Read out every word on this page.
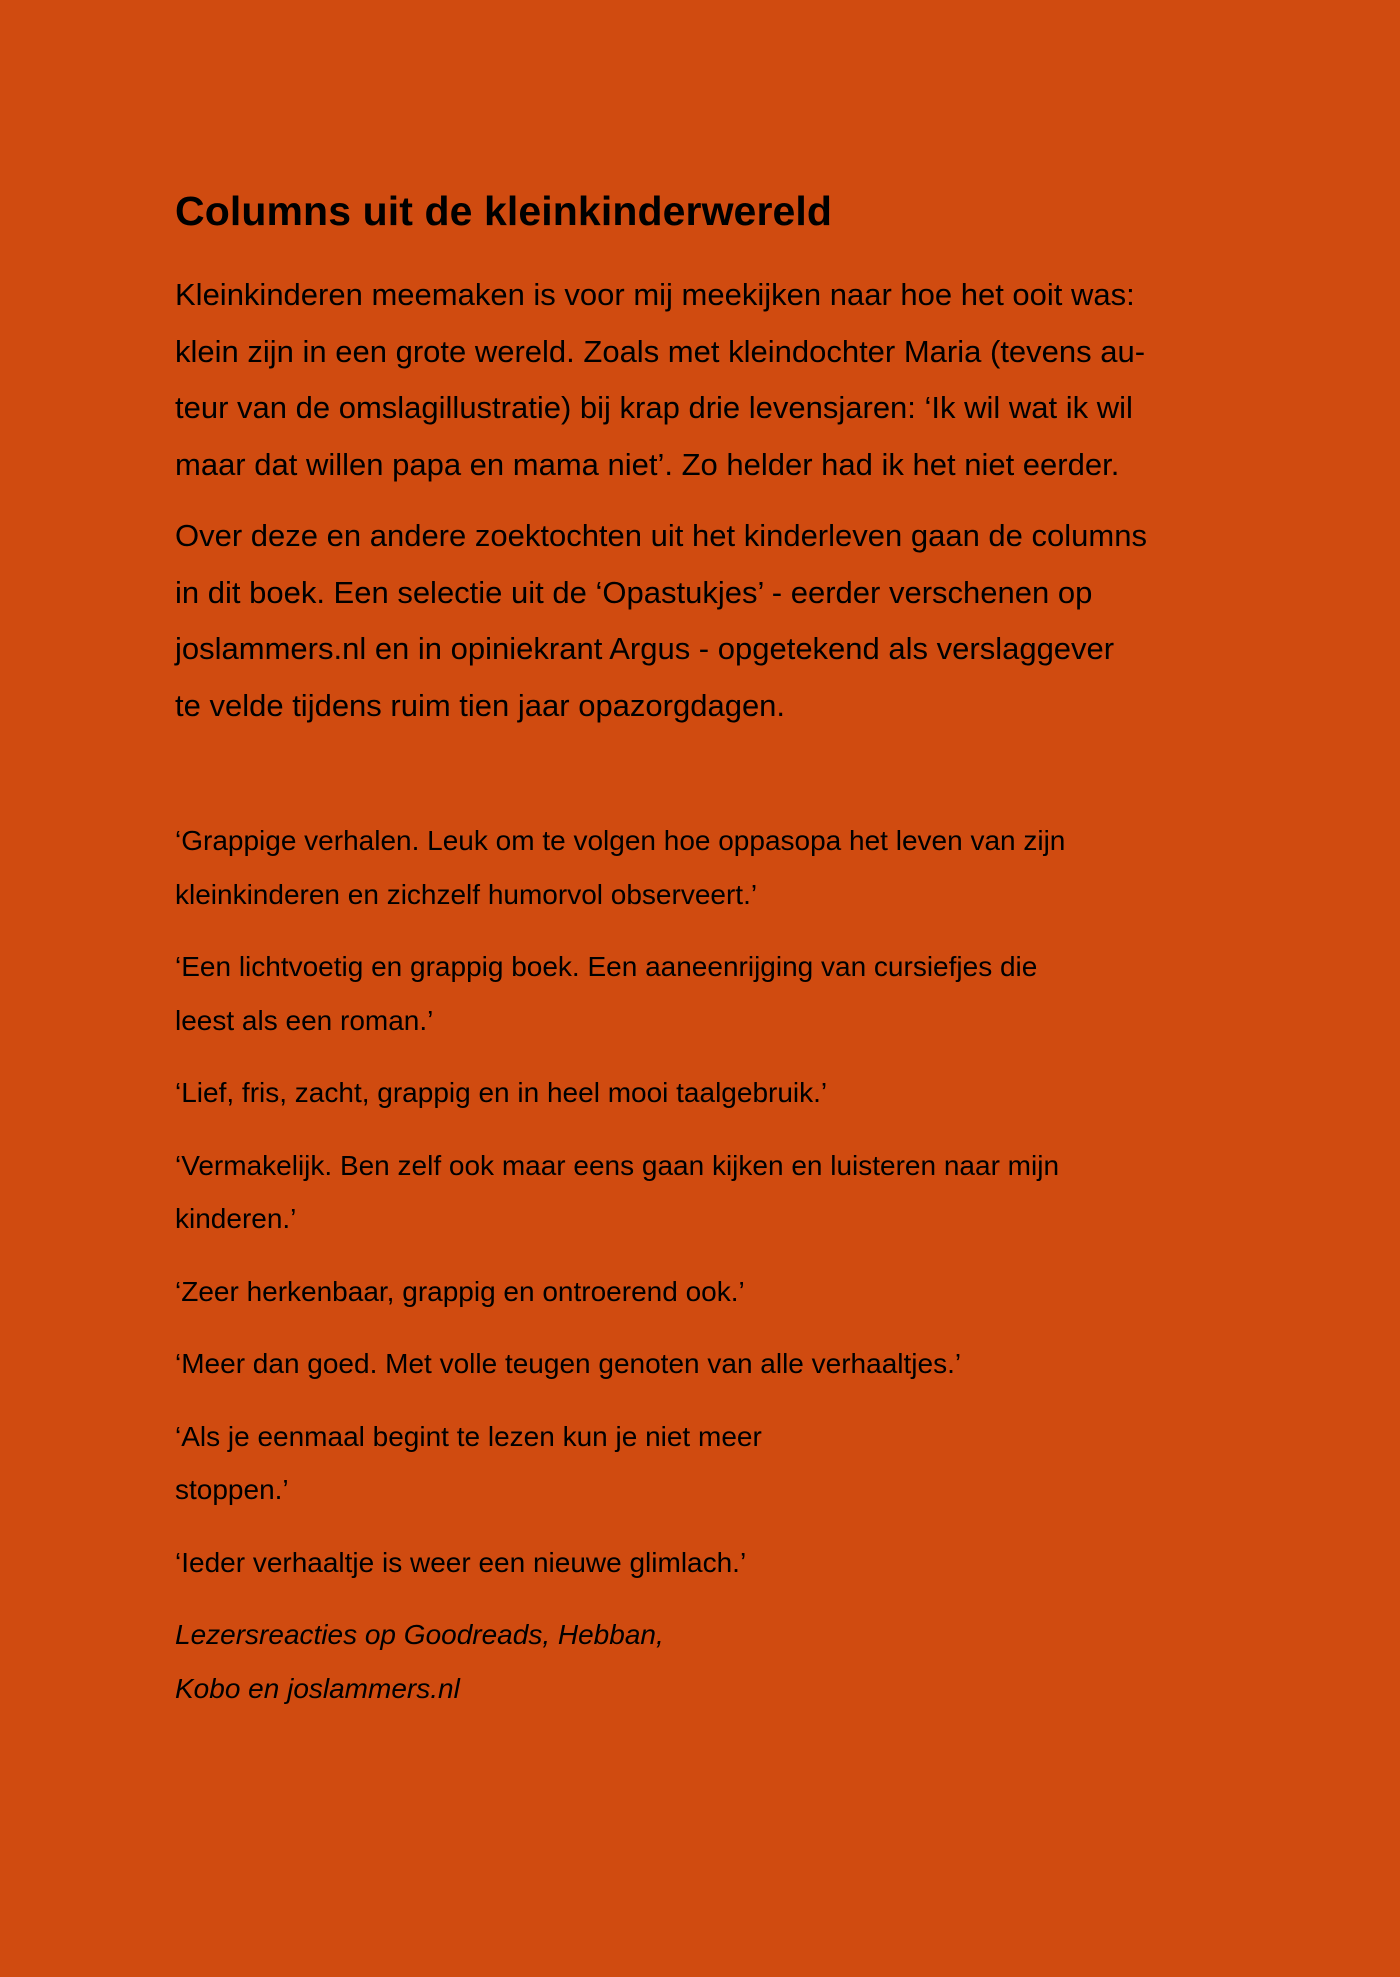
Columns uit de kleinkinderwereld

Kleinkinderen meemaken is voor mij meekijken naar hoe het ooit was:
klein zijn in een grote wereld. Zoals met kleindochter Maria (tevens au-
teur van de omslagillustratie) bij krap drie levensjaren: ‘Ik wil wat ik wil
maar dat willen papa en mama niet’. Zo helder had ik het niet eerder.

Over deze en andere zoektochten uit het kinderleven gaan de columns
in dit boek. Een selectie uit de ‘Opastukjes’ - eerder verschenen op
joslammers.nl en in opiniekrant Argus - opgetekend als verslaggever
te velde tijdens ruim tien jaar opazorgdagen.

‘Grappige verhalen. Leuk om te volgen hoe oppasopa het leven van zijn
kleinkinderen en zichzelf humorvol observeert.’

‘Een lichtvoetig en grappig boek. Een aaneenrijging van cursiefjes die
leest als een roman.’

‘Lief, fris, zacht, grappig en in heel mooi taalgebruik.’

‘Vermakelijk. Ben zelf ook maar eens gaan kijken en luisteren naar mijn
kinderen.’

‘Zeer herkenbaar, grappig en ontroerend ook.’

‘Meer dan goed. Met volle teugen genoten van alle verhaaltjes.’

‘Als je eenmaal begint te lezen kun je niet meer
stoppen.’

‘Ieder verhaaltje is weer een nieuwe glimlach.’

Lezersreacties op Goodreads, Hebban,
Kobo en joslammers.nl
